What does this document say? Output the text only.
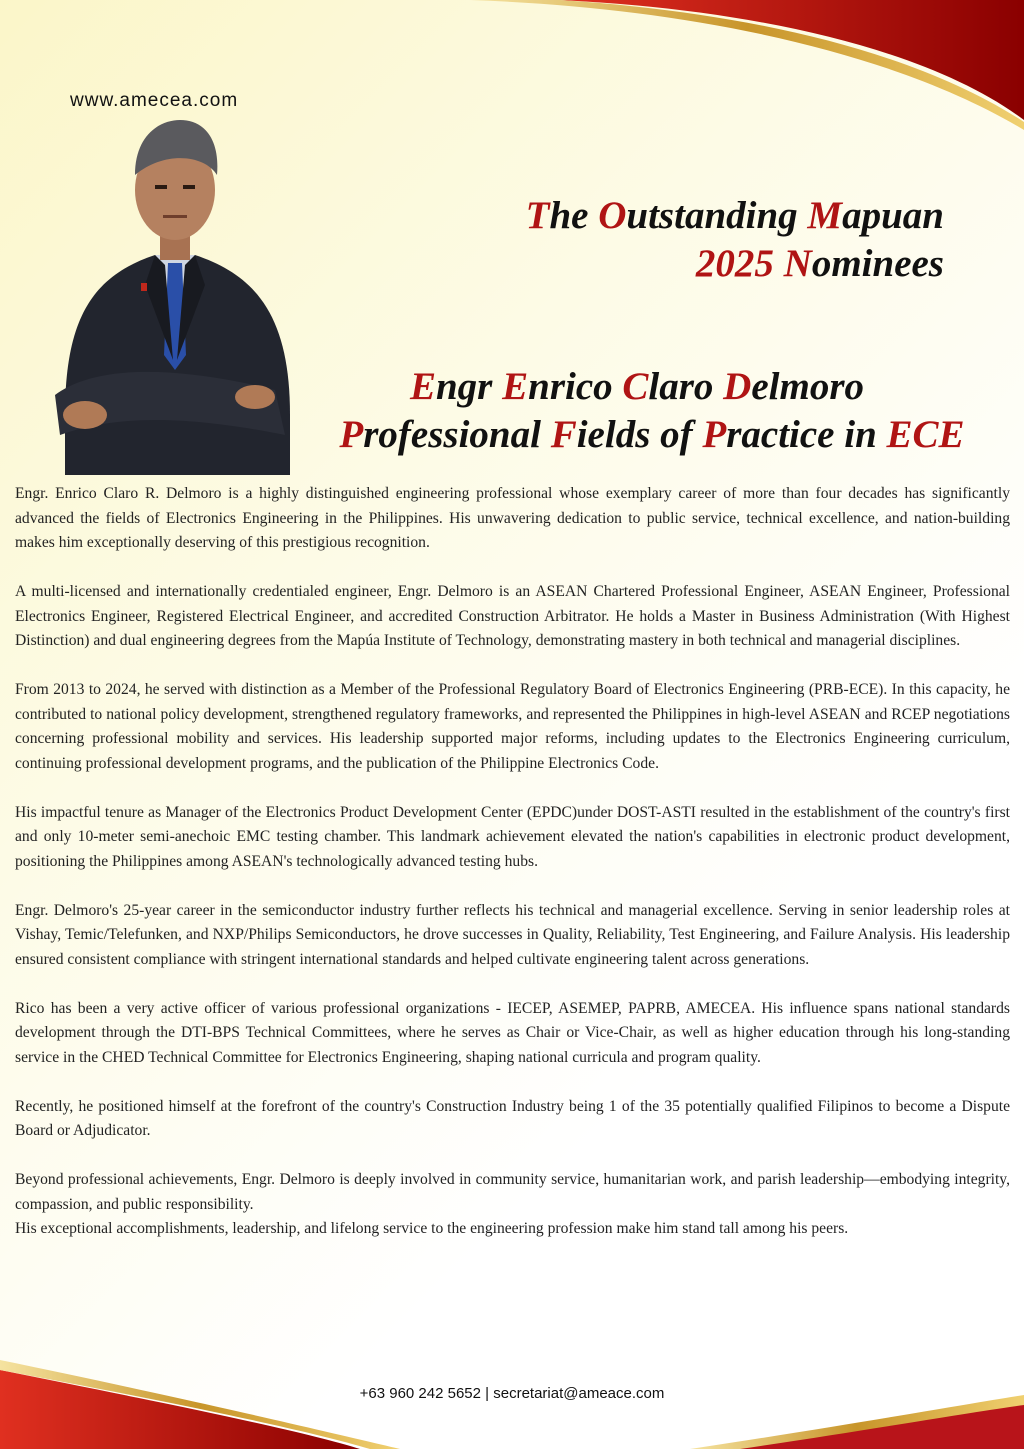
www.amecea.com
The Outstanding Mapuan
2025 Nominees
Engr Enrico Claro Delmoro
Professional Fields of Practice in ECE

Engr. Enrico Claro R. Delmoro is a highly distinguished engineering professional whose exemplary career of more than four decades has significantly advanced the fields of Electronics Engineering in the Philippines. His unwavering dedication to public service, technical excellence, and nation-building makes him exceptionally deserving of this prestigious recognition.

A multi-licensed and internationally credentialed engineer, Engr. Delmoro is an ASEAN Chartered Professional Engineer, ASEAN Engineer, Professional Electronics Engineer, Registered Electrical Engineer, and accredited Construction Arbitrator. He holds a Master in Business Administration (With Highest Distinction) and dual engineering degrees from the Mapúa Institute of Technology, demonstrating mastery in both technical and managerial disciplines.

From 2013 to 2024, he served with distinction as a Member of the Professional Regulatory Board of Electronics Engineering (PRB-ECE). In this capacity, he contributed to national policy development, strengthened regulatory frameworks, and represented the Philippines in high-level ASEAN and RCEP negotiations concerning professional mobility and services. His leadership supported major reforms, including updates to the Electronics Engineering curriculum, continuing professional development programs, and the publication of the Philippine Electronics Code.

His impactful tenure as Manager of the Electronics Product Development Center (EPDC)under DOST-ASTI resulted in the establishment of the country's first and only 10-meter semi-anechoic EMC testing chamber. This landmark achievement elevated the nation's capabilities in electronic product development, positioning the Philippines among ASEAN's technologically advanced testing hubs.

Engr. Delmoro's 25-year career in the semiconductor industry further reflects his technical and managerial excellence. Serving in senior leadership roles at Vishay, Temic/Telefunken, and NXP/Philips Semiconductors, he drove successes in Quality, Reliability, Test Engineering, and Failure Analysis. His leadership ensured consistent compliance with stringent international standards and helped cultivate engineering talent across generations.

Rico has been a very active officer of various professional organizations - IECEP, ASEMEP, PAPRB, AMECEA. His influence spans national standards development through the DTI-BPS Technical Committees, where he serves as Chair or Vice-Chair, as well as higher education through his long-standing service in the CHED Technical Committee for Electronics Engineering, shaping national curricula and program quality.

Recently, he positioned himself at the forefront of the country's Construction Industry being 1 of the 35 potentially qualified Filipinos to become a Dispute Board or Adjudicator.

Beyond professional achievements, Engr. Delmoro is deeply involved in community service, humanitarian work, and parish leadership—embodying integrity, compassion, and public responsibility.

His exceptional accomplishments, leadership, and lifelong service to the engineering profession make him stand tall among his peers.

+63 960 242 5652 | secretariat@ameace.com
